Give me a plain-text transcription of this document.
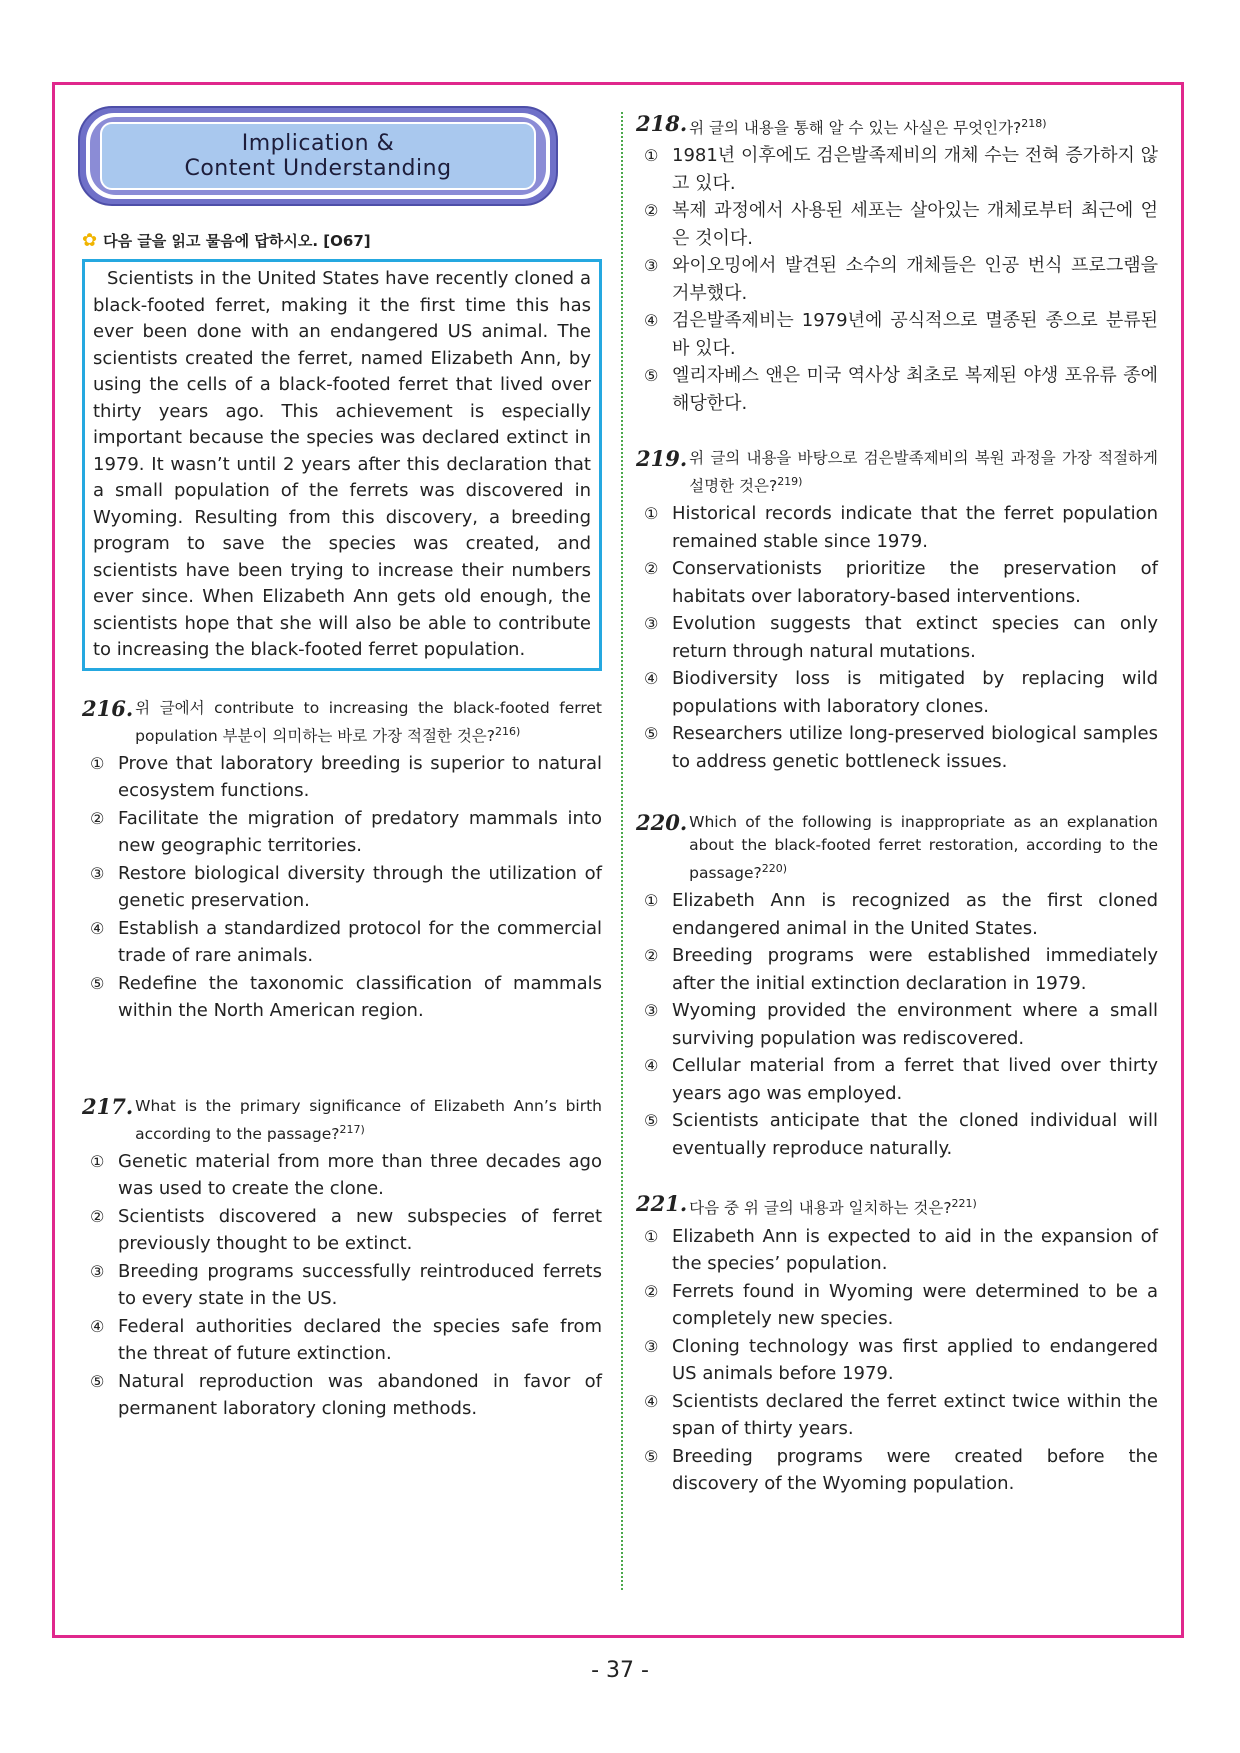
Implication &
Content Understanding
✿ 다음 글을 읽고 물음에 답하시오. [O67]
Scientists in the United States have recently cloned a black-footed ferret, making it the first time this has ever been done with an endangered US animal. The scientists created the ferret, named Elizabeth Ann, by using the cells of a black-footed ferret that lived over thirty years ago. This achievement is especially important because the species was declared extinct in 1979. It wasn’t until 2 years after this declaration that a small population of the ferrets was discovered in Wyoming. Resulting from this discovery, a breeding program to save the species was created, and scientists have been trying to increase their numbers ever since. When Elizabeth Ann gets old enough, the scientists hope that she will also be able to contribute to increasing the black-footed ferret population.
216. 위 글에서 contribute to increasing the black-footed ferret population 부분이 의미하는 바로 가장 적절한 것은?$^{216)}$
① Prove that laboratory breeding is superior to natural ecosystem functions.
② Facilitate the migration of predatory mammals into new geographic territories.
③ Restore biological diversity through the utilization of genetic preservation.
④ Establish a standardized protocol for the commercial trade of rare animals.
⑤ Redefine the taxonomic classification of mammals within the North American region.
217. What is the primary significance of Elizabeth Ann’s birth according to the passage?$^{217)}$
① Genetic material from more than three decades ago was used to create the clone.
② Scientists discovered a new subspecies of ferret previously thought to be extinct.
③ Breeding programs successfully reintroduced ferrets to every state in the US.
④ Federal authorities declared the species safe from the threat of future extinction.
⑤ Natural reproduction was abandoned in favor of permanent laboratory cloning methods.
218. 위 글의 내용을 통해 알 수 있는 사실은 무엇인가?$^{218)}$
① 1981년 이후에도 검은발족제비의 개체 수는 전혀 증가하지 않고 있다.
② 복제 과정에서 사용된 세포는 살아있는 개체로부터 최근에 얻은 것이다.
③ 와이오밍에서 발견된 소수의 개체들은 인공 번식 프로그램을 거부했다.
④ 검은발족제비는 1979년에 공식적으로 멸종된 종으로 분류된 바 있다.
⑤ 엘리자베스 앤은 미국 역사상 최초로 복제된 야생 포유류 종에 해당한다.
219. 위 글의 내용을 바탕으로 검은발족제비의 복원 과정을 가장 적절하게 설명한 것은?$^{219)}$
① Historical records indicate that the ferret population remained stable since 1979.
② Conservationists prioritize the preservation of habitats over laboratory-based interventions.
③ Evolution suggests that extinct species can only return through natural mutations.
④ Biodiversity loss is mitigated by replacing wild populations with laboratory clones.
⑤ Researchers utilize long-preserved biological samples to address genetic bottleneck issues.
220. Which of the following is inappropriate as an explanation about the black-footed ferret restoration, according to the passage?$^{220)}$
① Elizabeth Ann is recognized as the first cloned endangered animal in the United States.
② Breeding programs were established immediately after the initial extinction declaration in 1979.
③ Wyoming provided the environment where a small surviving population was rediscovered.
④ Cellular material from a ferret that lived over thirty years ago was employed.
⑤ Scientists anticipate that the cloned individual will eventually reproduce naturally.
221. 다음 중 위 글의 내용과 일치하는 것은?$^{221)}$
① Elizabeth Ann is expected to aid in the expansion of the species’ population.
② Ferrets found in Wyoming were determined to be a completely new species.
③ Cloning technology was first applied to endangered US animals before 1979.
④ Scientists declared the ferret extinct twice within the span of thirty years.
⑤ Breeding programs were created before the discovery of the Wyoming population.
- 37 -
